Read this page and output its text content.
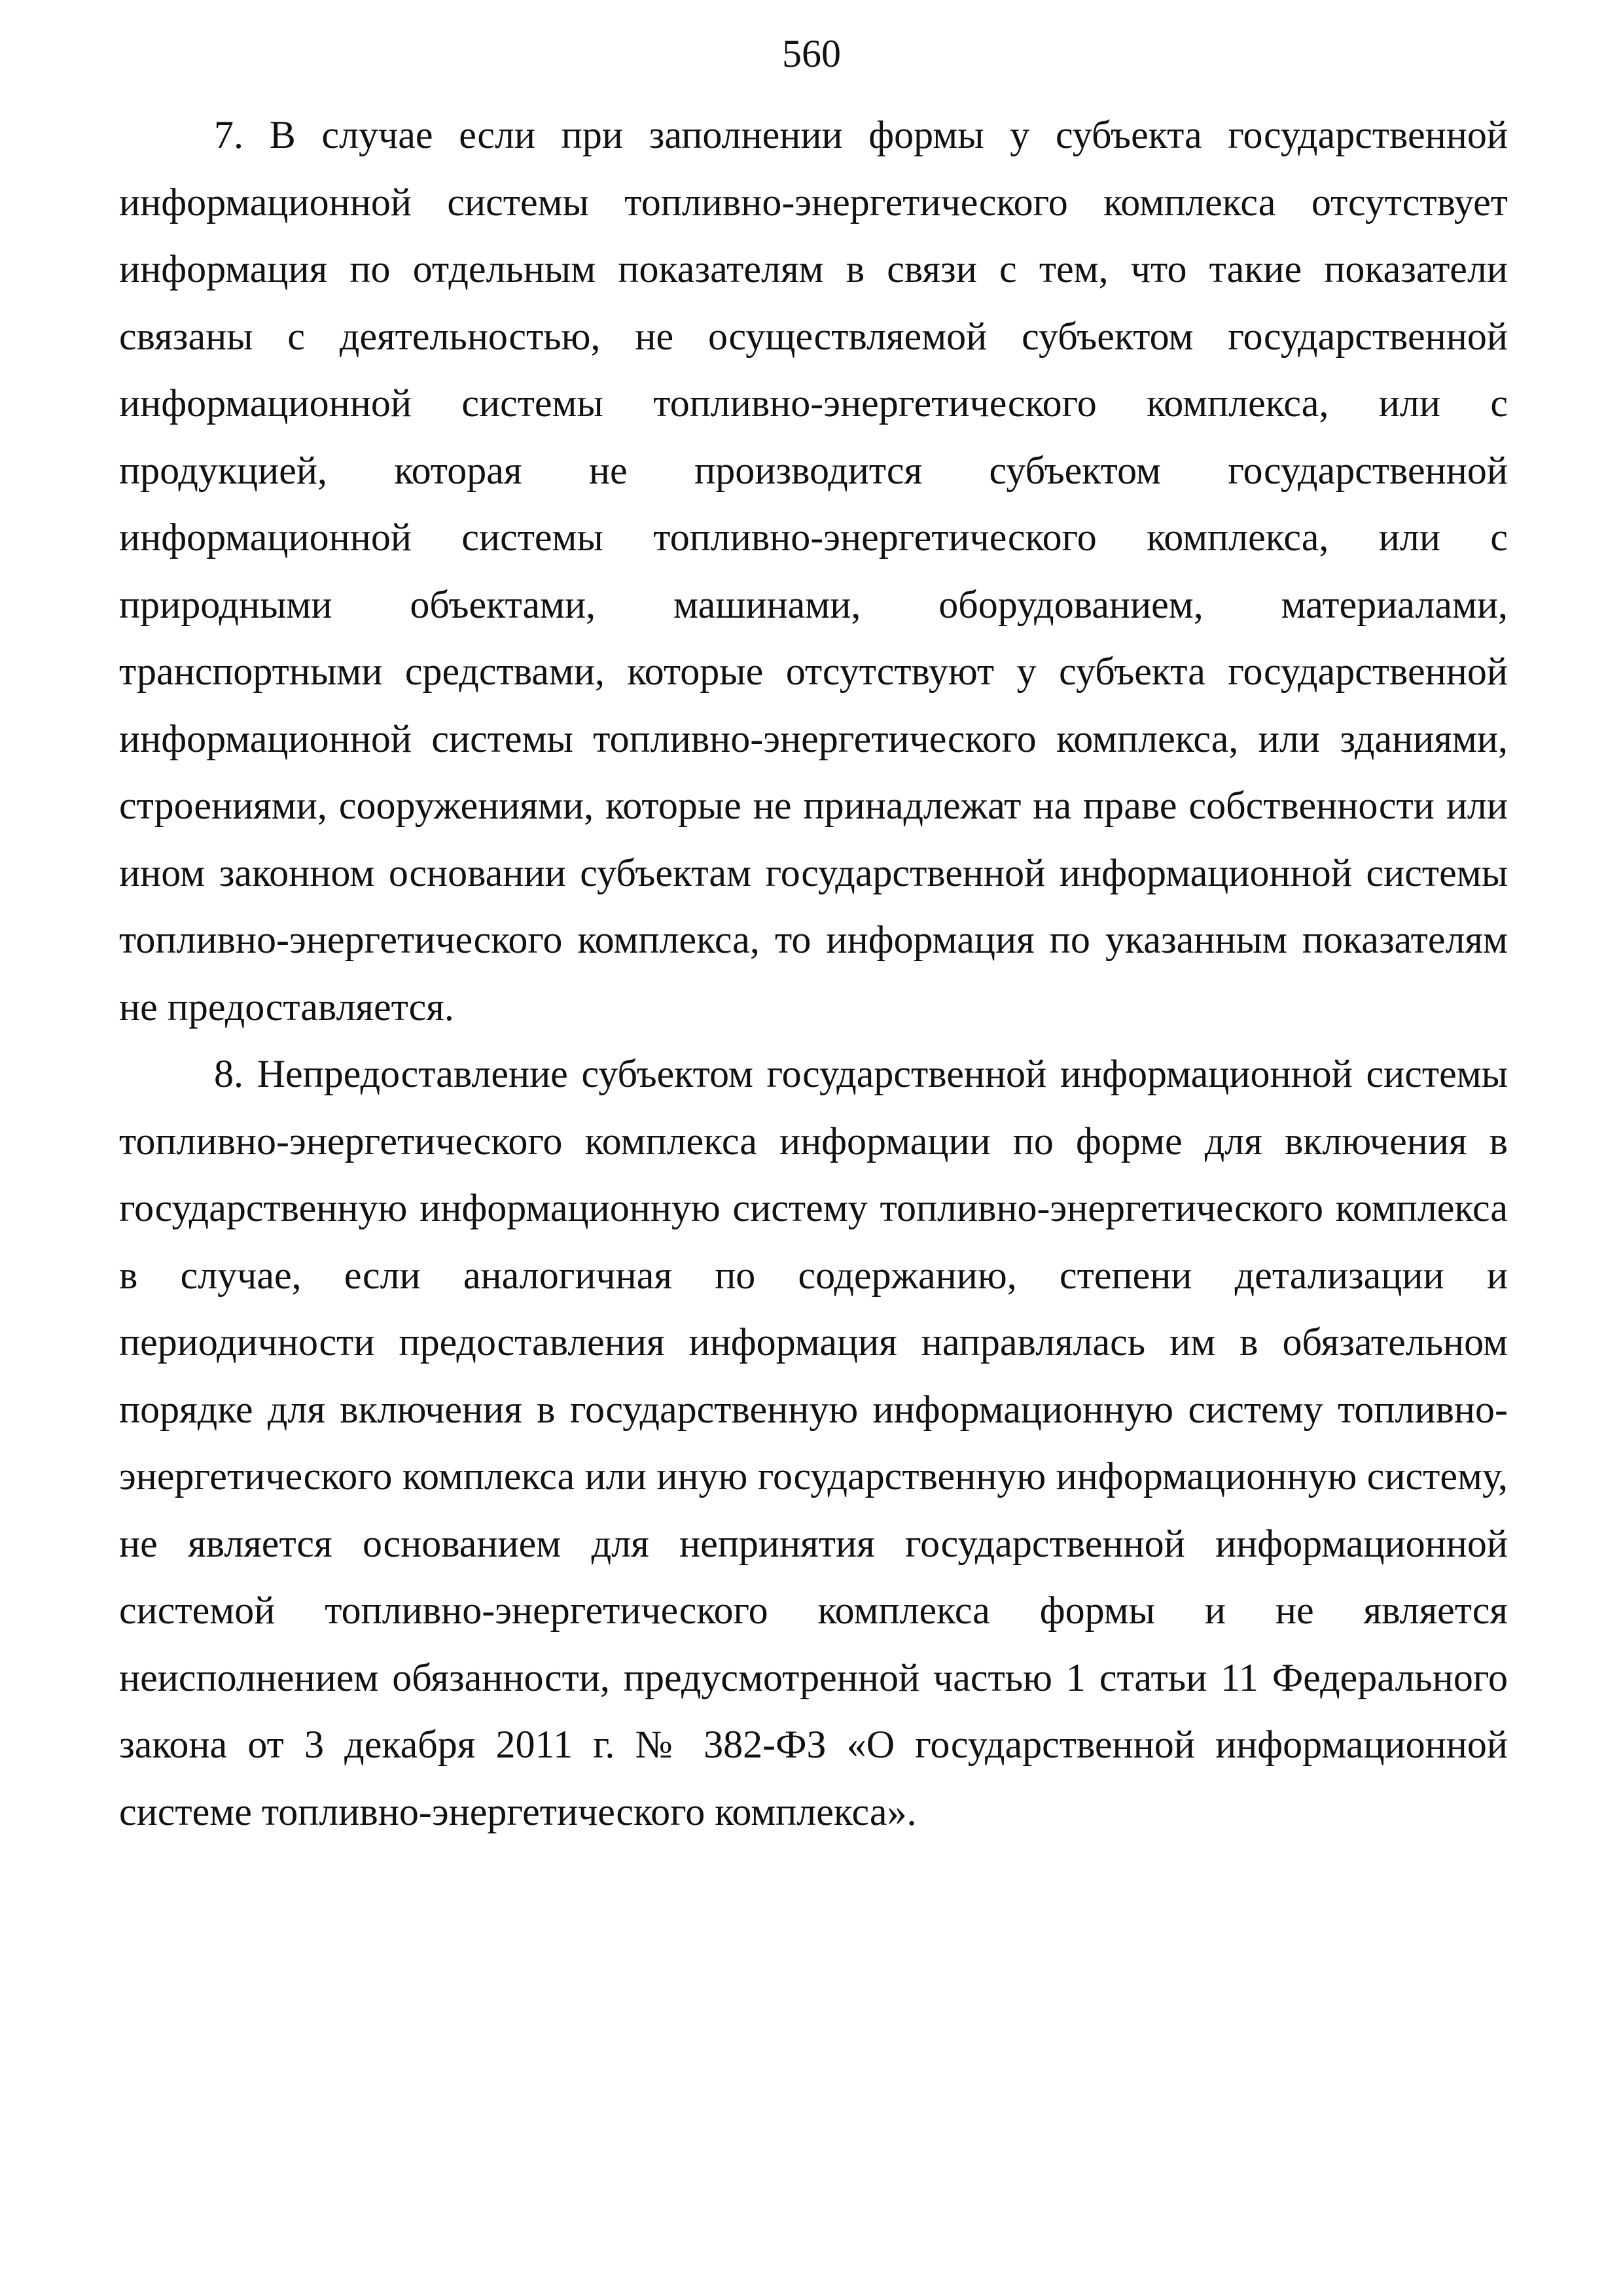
560

7. В случае если при заполнении формы у субъекта государственной информационной системы топливно-энергетического комплекса отсутствует информация по отдельным показателям в связи с тем, что такие показатели связаны с деятельностью, не осуществляемой субъектом государственной информационной системы топливно-энергетического комплекса, или с продукцией, которая не производится субъектом государственной информационной системы топливно-энергетического комплекса, или с природными объектами, машинами, оборудованием, материалами, транспортными средствами, которые отсутствуют у субъекта государственной информационной системы топливно-энергетического комплекса, или зданиями, строениями, сооружениями, которые не принадлежат на праве собственности или ином законном основании субъектам государственной информационной системы топливно-энергетического комплекса, то информация по указанным показателям не предоставляется.

8. Непредоставление субъектом государственной информационной системы топливно-энергетического комплекса информации по форме для включения в государственную информационную систему топливно-энергетического комплекса в случае, если аналогичная по содержанию, степени детализации и периодичности предоставления информация направлялась им в обязательном порядке для включения в государственную информационную систему топливно-энергетического комплекса или иную государственную информационную систему, не является основанием для непринятия государственной информационной системой топливно-энергетического комплекса формы и не является неисполнением обязанности, предусмотренной частью 1 статьи 11 Федерального закона от 3 декабря 2011 г. № 382-ФЗ «О государственной информационной системе топливно-энергетического комплекса».
